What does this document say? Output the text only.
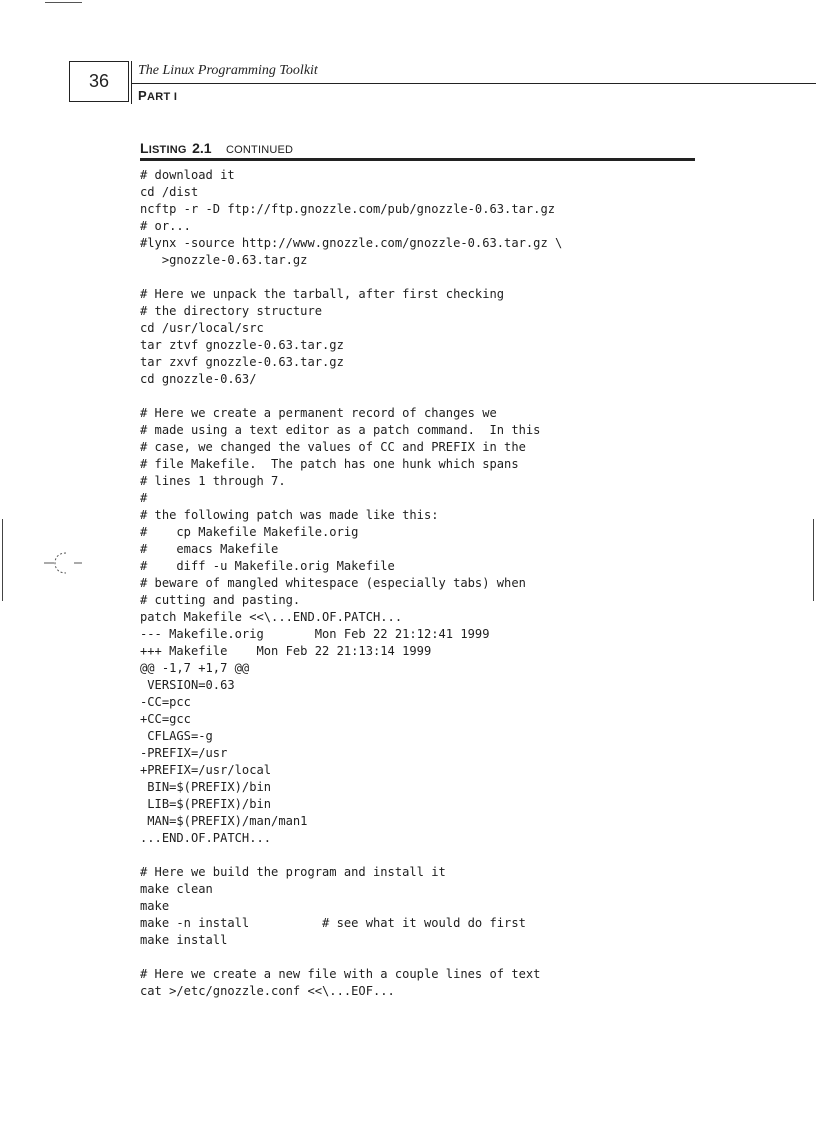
36
The Linux Programming Toolkit
PART I
LISTING 2.1 CONTINUED
# download it
cd /dist
ncftp -r -D ftp://ftp.gnozzle.com/pub/gnozzle-0.63.tar.gz
# or...
#lynx -source http://www.gnozzle.com/gnozzle-0.63.tar.gz \
>gnozzle-0.63.tar.gz
# Here we unpack the tarball, after first checking
# the directory structure
cd /usr/local/src
tar ztvf gnozzle-0.63.tar.gz
tar zxvf gnozzle-0.63.tar.gz
cd gnozzle-0.63/
# Here we create a permanent record of changes we
# made using a text editor as a patch command.  In this
# case, we changed the values of CC and PREFIX in the
# file Makefile.  The patch has one hunk which spans
# lines 1 through 7.
#
# the following patch was made like this:
#    cp Makefile Makefile.orig
#    emacs Makefile
#    diff -u Makefile.orig Makefile
# beware of mangled whitespace (especially tabs) when
# cutting and pasting.
patch Makefile <<\...END.OF.PATCH...
--- Makefile.orig       Mon Feb 22 21:12:41 1999
+++ Makefile    Mon Feb 22 21:13:14 1999
@@ -1,7 +1,7 @@
VERSION=0.63
-CC=pcc
+CC=gcc
CFLAGS=-g
-PREFIX=/usr
+PREFIX=/usr/local
BIN=$(PREFIX)/bin
LIB=$(PREFIX)/bin
MAN=$(PREFIX)/man/man1
...END.OF.PATCH...
# Here we build the program and install it
make clean
make
make -n install          # see what it would do first
make install
# Here we create a new file with a couple lines of text
cat >/etc/gnozzle.conf <<\...EOF...
